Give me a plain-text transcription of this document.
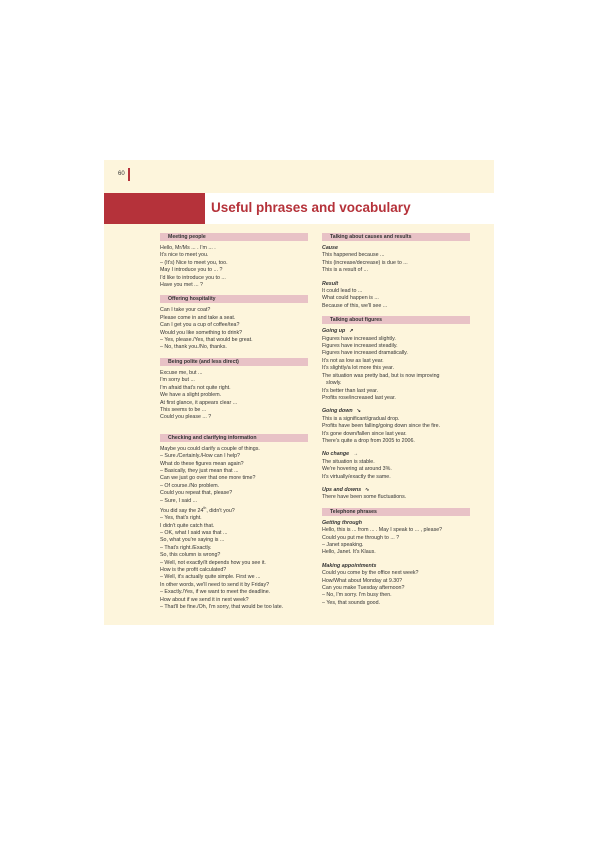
60
Useful phrases and vocabulary
Meeting people
Hello, Mr/Ms ... . I'm ... .
It's nice to meet you.
– (It's) Nice to meet you, too.
May I introduce you to ... ?
I'd like to introduce you to ...
Have you met ... ?
Offering hospitality
Can I take your coat?
Please come in and take a seat.
Can I get you a cup of coffee/tea?
Would you like something to drink?
– Yes, please./Yes, that would be great.
– No, thank you./No, thanks.
Being polite (and less direct)
Excuse me, but ...
I'm sorry but ...
I'm afraid that's not quite right.
We have a slight problem.
At first glance, it appears clear ...
This seems to be ...
Could you please ... ?
Checking and clarifying information
Maybe you could clarify a couple of things.
– Sure./Certainly./How can I help?
What do these figures mean again?
– Basically, they just mean that ...
Can we just go over that one more time?
– Of course./No problem.
Could you repeat that, please?
– Sure, I said ...
You did say the 24th, didn't you?
– Yes, that's right.
I didn't quite catch that.
– OK, what I said was that ...
So, what you're saying is ...
– That's right./Exactly.
So, this column is wrong?
– Well, not exactly/It depends how you see it.
How is the profit calculated?
– Well, it's actually quite simple. First we ...
In other words, we'll need to send it by Friday?
– Exactly./Yes, if we want to meet the deadline.
How about if we send it in next week?
– That'll be fine./Oh, I'm sorry, that would be too late.
Talking about causes and results
Cause
This happened because ...
This (increase/decrease) is due to ...
This is a result of ...
Result
It could lead to ...
What could happen is ...
Because of this, we'll see ...
Talking about figures
Going up ↗
Figures have increased slightly.
Figures have increased steadily.
Figures have increased dramatically.
It's not as low as last year.
It's slightly/a lot more this year.
The situation was pretty bad, but is now improving
slowly.
It's better than last year.
Profits rose/increased last year.
Going down ↘
This is a significant/gradual drop.
Profits have been falling/going down since the fire.
It's gone down/fallen since last year.
There's quite a drop from 2005 to 2006.
No change →
The situation is stable.
We're hovering at around 3%.
It's virtually/exactly the same.
Ups and downs ∿
There have been some fluctuations.
Telephone phrases
Getting through
Hello, this is ... from ... . May I speak to ... , please?
Could you put me through to ... ?
– Janet speaking.
Hello, Janet. It's Klaus.
Making appointments
Could you come by the office next week?
How/What about Monday at 9.30?
Can you make Tuesday afternoon?
– No, I'm sorry. I'm busy then.
– Yes, that sounds good.
